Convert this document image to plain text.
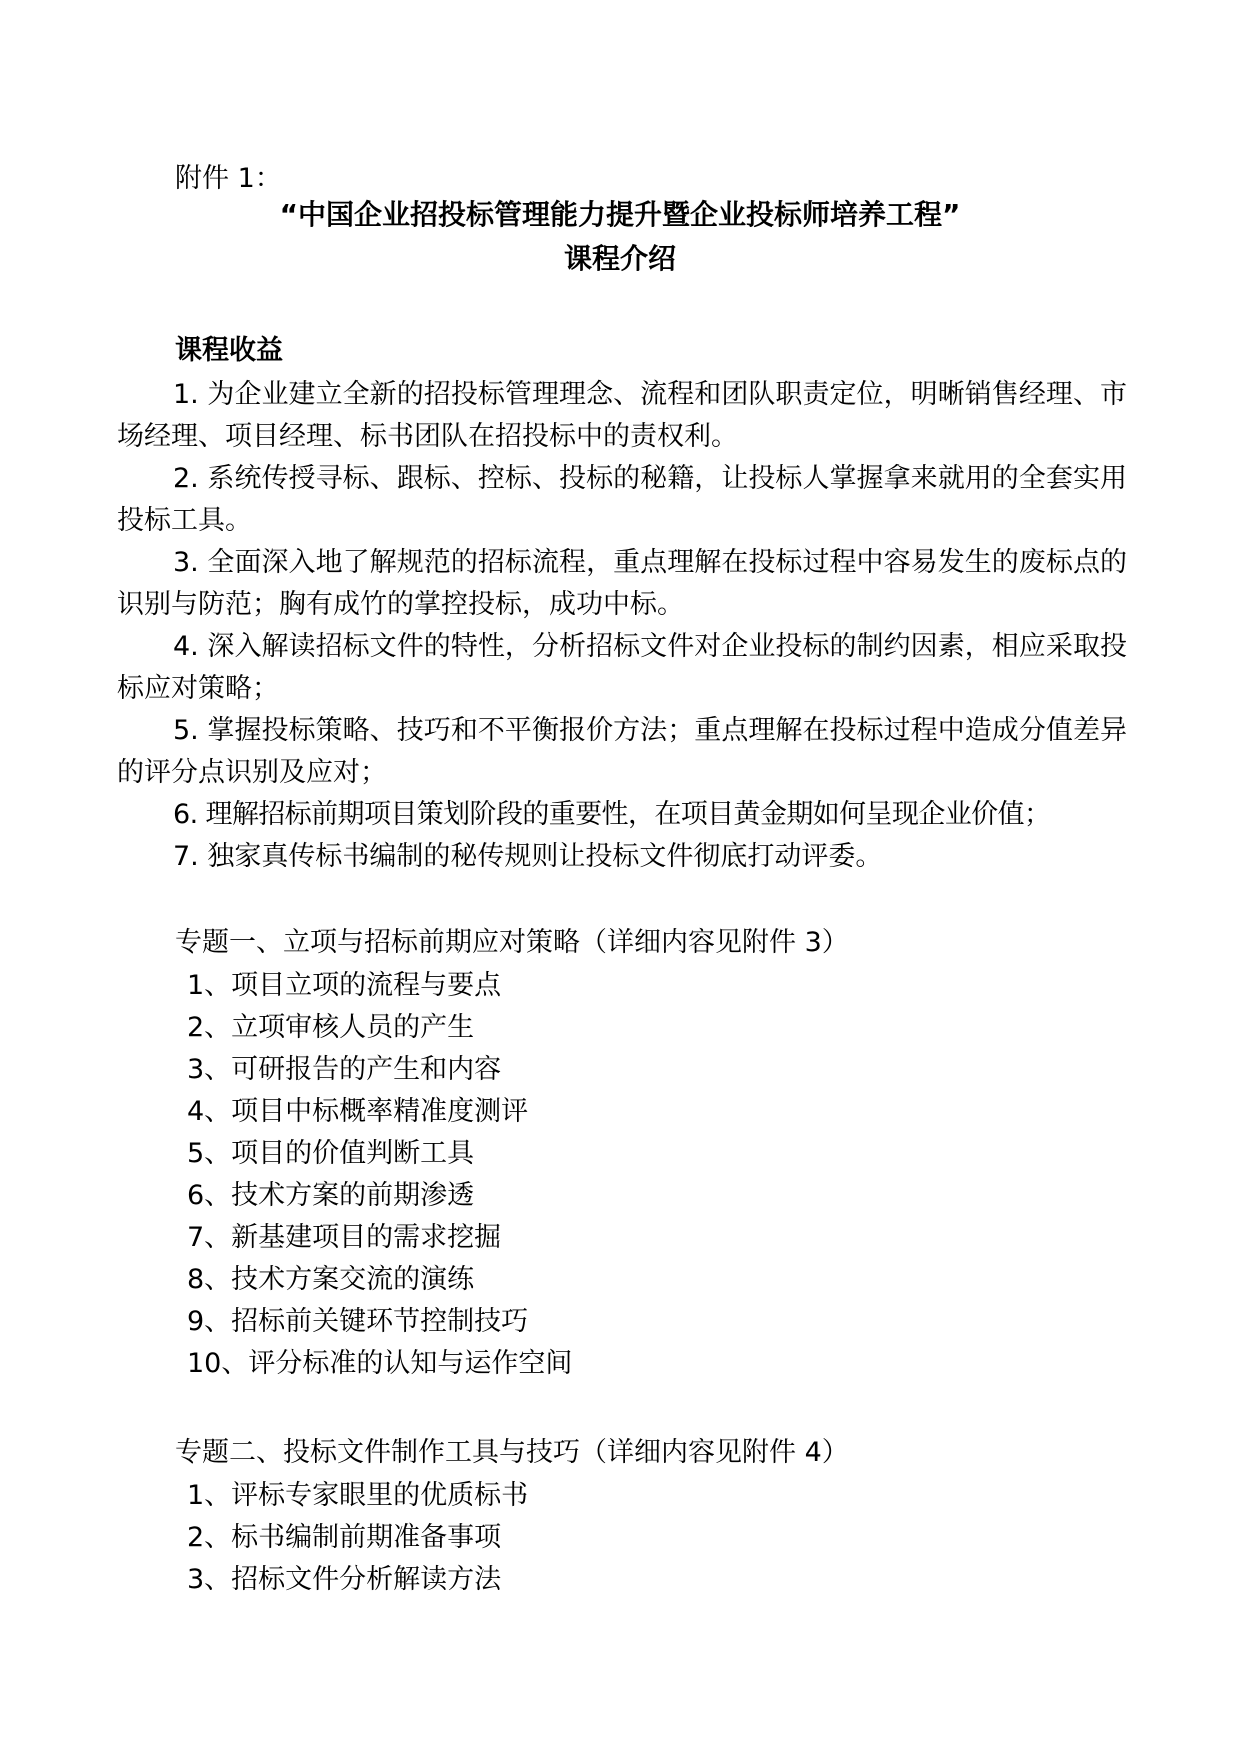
附件 1：
“中国企业招投标管理能力提升暨企业投标师培养工程”
课程介绍
课程收益
1. 为企业建立全新的招投标管理理念、流程和团队职责定位，明晰销售经理、市场经理、项目经理、标书团队在招投标中的责权利。
2. 系统传授寻标、跟标、控标、投标的秘籍，让投标人掌握拿来就用的全套实用投标工具。
3. 全面深入地了解规范的招标流程，重点理解在投标过程中容易发生的废标点的识别与防范；胸有成竹的掌控投标，成功中标。
4. 深入解读招标文件的特性，分析招标文件对企业投标的制约因素，相应采取投标应对策略；
5. 掌握投标策略、技巧和不平衡报价方法；重点理解在投标过程中造成分值差异的评分点识别及应对；
6. 理解招标前期项目策划阶段的重要性，在项目黄金期如何呈现企业价值；
7. 独家真传标书编制的秘传规则让投标文件彻底打动评委。
专题一、立项与招标前期应对策略（详细内容见附件 3）
1、项目立项的流程与要点
2、立项审核人员的产生
3、可研报告的产生和内容
4、项目中标概率精准度测评
5、项目的价值判断工具
6、技术方案的前期渗透
7、新基建项目的需求挖掘
8、技术方案交流的演练
9、招标前关键环节控制技巧
10、评分标准的认知与运作空间
专题二、投标文件制作工具与技巧（详细内容见附件 4）
1、评标专家眼里的优质标书
2、标书编制前期准备事项
3、招标文件分析解读方法
